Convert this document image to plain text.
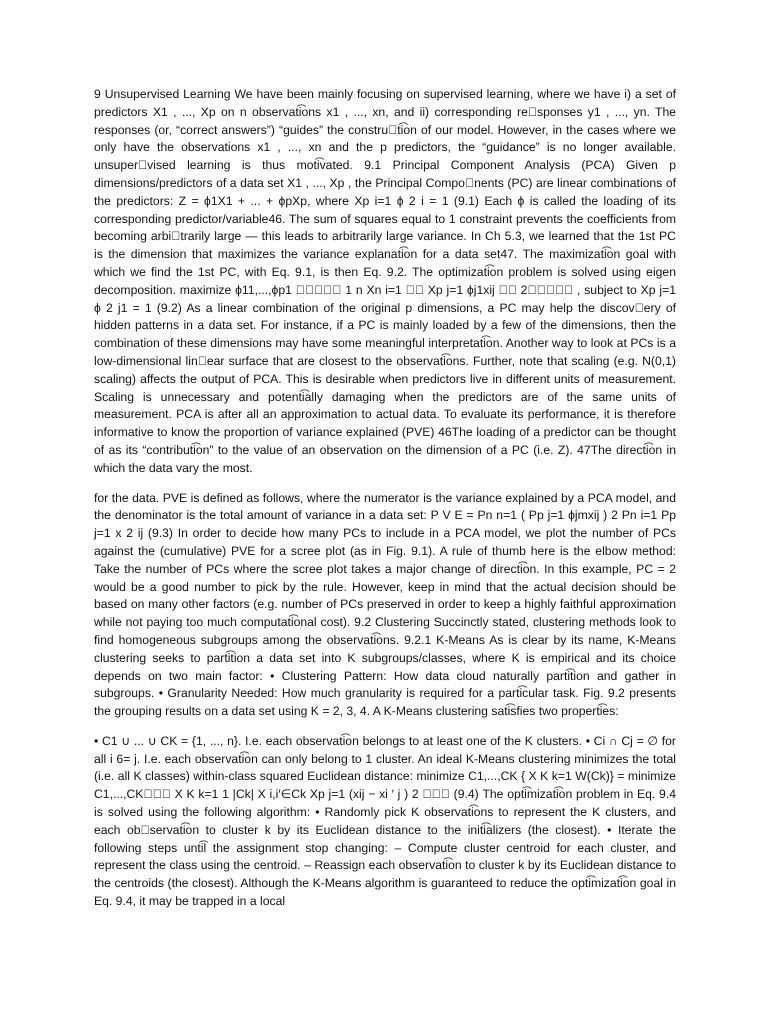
9 Unsupervised Learning We have been mainly focusing on supervised learning, where we have i) a set of predictors X1 , ..., Xp on n observati͡ons x1 , ..., xn, and ii) corresponding re􏰀sponses y1 , ..., yn. The responses (or, “correct answers”) “guides” the constru􏰀ti͡on of our model. However, in the cases where we only have the observations x1 , ..., xn and the p predictors, the “guidance” is no longer available. unsuper􏰀vised learning is thus moti͡vated. 9.1 Principal Component Analysis (PCA) Given p dimensions/predictors of a data set X1 , ..., Xp , the Principal Compo􏰀nents (PC) are linear combinations of the predictors: Z = ϕ1X1 + ... + ϕpXp, where Xp i=1 ϕ 2 i = 1 (9.1) Each ϕ is called the loading of its corresponding predictor/variable46. The sum of squares equal to 1 constraint prevents the coefficients from becoming arbi􏰀trarily large — this leads to arbitrarily large variance. In Ch 5.3, we learned that the 1st PC is the dimension that maximizes the variance explanati͡on for a data set47. The maximizati͡on goal with which we find the 1st PC, with Eq. 9.1, is then Eq. 9.2. The optimizati͡on problem is solved using eigen decomposition. maximize ϕ11,...,ϕp1 􏰀􏰀􏰀􏰀􏰀 1 n Xn i=1 􏰀􏰀 Xp j=1 ϕj1xij 􏰀􏰀 2􏰀􏰀􏰀􏰀􏰀 , subject to Xp j=1 ϕ 2 j1 = 1 (9.2) As a linear combination of the original p dimensions, a PC may help the discov􏰀ery of hidden patterns in a data set. For instance, if a PC is mainly loaded by a few of the dimensions, then the combination of these dimensions may have some meaningful interpretati͡on. Another way to look at PCs is a low-dimensional lin􏰀ear surface that are closest to the observati͡ons. Further, note that scaling (e.g. N(0,1) scaling) affects the output of PCA. This is desirable when predictors live in different units of measurement. Scaling is unnecessary and potenti͡ally damaging when the predictors are of the same units of measurement. PCA is after all an approximation to actual data. To evaluate its performance, it is therefore informative to know the proportion of variance explained (PVE) 46The loading of a predictor can be thought of as its “contributi͡on” to the value of an observation on the dimension of a PC (i.e. Z). 47The directi͡on in which the data vary the most.

for the data. PVE is defined as follows, where the numerator is the variance explained by a PCA model, and the denominator is the total amount of variance in a data set: P V E = Pn n=1 ( Pp j=1 ϕjmxij ) 2 Pn i=1 Pp j=1 x 2 ij (9.3) In order to decide how many PCs to include in a PCA model, we plot the number of PCs against the (cumulative) PVE for a scree plot (as in Fig. 9.1). A rule of thumb here is the elbow method: Take the number of PCs where the scree plot takes a major change of directi͡on. In this example, PC = 2 would be a good number to pick by the rule. However, keep in mind that the actual decision should be based on many other factors (e.g. number of PCs preserved in order to keep a highly faithful approximation while not paying too much computati͡onal cost). 9.2 Clustering Succinctly stated, clustering methods look to find homogeneous subgroups among the observati͡ons. 9.2.1 K-Means As is clear by its name, K-Means clustering seeks to parti͡tion a data set into K subgroups/classes, where K is empirical and its choice depends on two main factor: • Clustering Pattern: How data cloud naturally parti͡tion and gather in subgroups. • Granularity Needed: How much granularity is required for a parti͡cular task. Fig. 9.2 presents the grouping results on a data set using K = 2, 3, 4. A K-Means clustering sati͡sfies two properti͡es:

• C1 ∪ ... ∪ CK = {1, ..., n}. I.e. each observati͡on belongs to at least one of the K clusters. • Ci ∩ Cj = ∅ for all i 6= j. I.e. each observati͡on can only belong to 1 cluster. An ideal K-Means clustering minimizes the total (i.e. all K classes) within-class squared Euclidean distance: minimize C1,...,CK { X K k=1 W(Ck)} = minimize C1,...,CK􏰀􏰀􏰀 X K k=1 1 |Ck| X i,i′∈Ck Xp j=1 (xij − xi ′ j ) 2 􏰀􏰀􏰀 (9.4) The opti͡mizati͡on problem in Eq. 9.4 is solved using the following algorithm: • Randomly pick K observati͡ons to represent the K clusters, and each ob􏰀servati͡on to cluster k by its Euclidean distance to the initi͡alizers (the closest). • Iterate the following steps unti͡l the assignment stop changing: – Compute cluster centroid for each cluster, and represent the class using the centroid. – Reassign each observati͡on to cluster k by its Euclidean distance to the centroids (the closest). Although the K-Means algorithm is guaranteed to reduce the opti͡mizati͡on goal in Eq. 9.4, it may be trapped in a local
